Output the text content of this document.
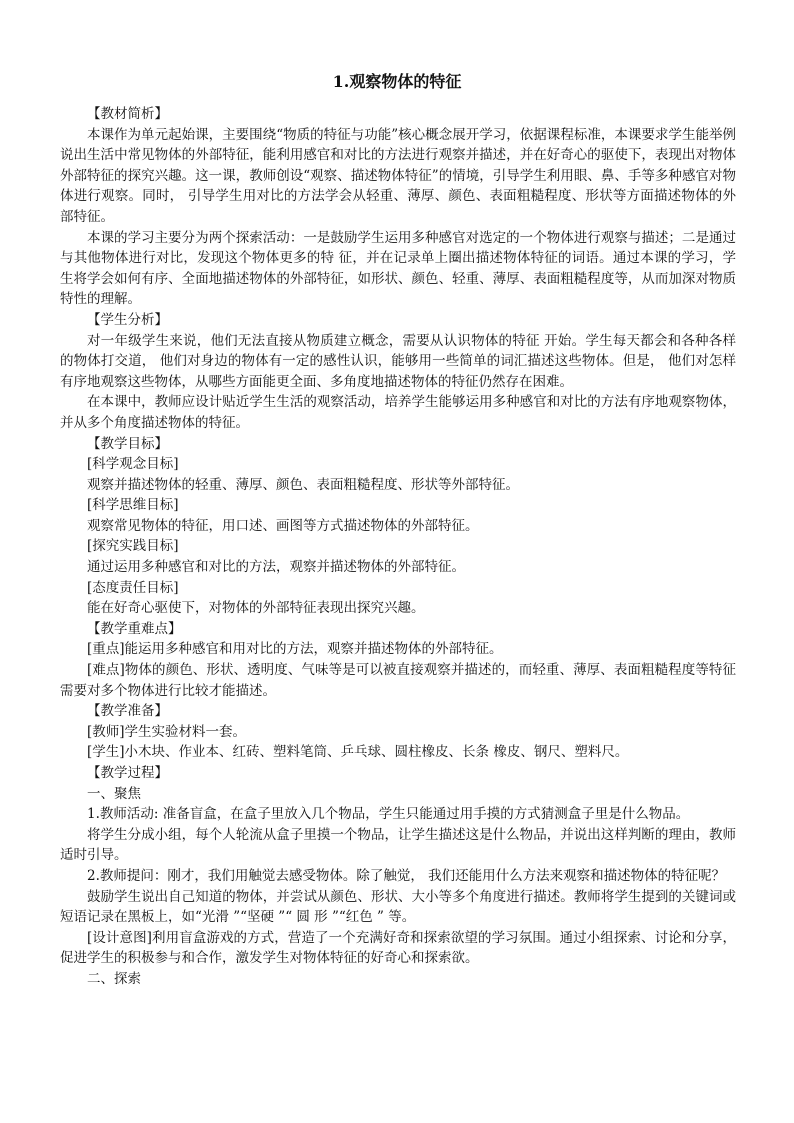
1.观察物体的特征

【教材简析】

本课作为单元起始课，主要围绕“物质的特征与功能”核心概念展开学习，依据课程标准，本课要求学生能举例说出生活中常见物体的外部特征，能利用感官和对比的方法进行观察并描述，并在好奇心的驱使下，表现出对物体外部特征的探究兴趣。这一课，教师创设“观察、描述物体特征”的情境，引导学生利用眼、鼻、手等多种感官对物体进行观察。同时， 引导学生用对比的方法学会从轻重、薄厚、颜色、表面粗糙程度、形状等方面描述物体的外部特征。

本课的学习主要分为两个探索活动：一是鼓励学生运用多种感官对选定的一个物体进行观察与描述；二是通过与其他物体进行对比，发现这个物体更多的特 征，并在记录单上圈出描述物体特征的词语。通过本课的学习，学生将学会如何有序、全面地描述物体的外部特征，如形状、颜色、轻重、薄厚、表面粗糙程度等，从而加深对物质特性的理解。

【学生分析】

对一年级学生来说，他们无法直接从物质建立概念，需要从认识物体的特征 开始。学生每天都会和各种各样的物体打交道， 他们对身边的物体有一定的感性认识，能够用一些简单的词汇描述这些物体。但是， 他们对怎样有序地观察这些物体，从哪些方面能更全面、多角度地描述物体的特征仍然存在困难。

在本课中，教师应设计贴近学生生活的观察活动，培养学生能够运用多种感官和对比的方法有序地观察物体，并从多个角度描述物体的特征。

【教学目标】

[科学观念目标]

观察并描述物体的轻重、薄厚、颜色、表面粗糙程度、形状等外部特征。

[科学思维目标]

观察常见物体的特征，用口述、画图等方式描述物体的外部特征。

[探究实践目标]

通过运用多种感官和对比的方法，观察并描述物体的外部特征。

[态度责任目标]

能在好奇心驱使下，对物体的外部特征表现出探究兴趣。

【教学重难点】

[重点]能运用多种感官和用对比的方法，观察并描述物体的外部特征。

[难点]物体的颜色、形状、透明度、气味等是可以被直接观察并描述的，而轻重、薄厚、表面粗糙程度等特征需要对多个物体进行比较才能描述。

【教学准备】

[教师]学生实验材料一套。

[学生]小木块、作业本、红砖、塑料笔筒、乒乓球、圆柱橡皮、长条 橡皮、钢尺、塑料尺。

【教学过程】

一、聚焦

1.教师活动: 准备盲盒，在盒子里放入几个物品，学生只能通过用手摸的方式猜测盒子里是什么物品。

将学生分成小组，每个人轮流从盒子里摸一个物品，让学生描述这是什么物品，并说出这样判断的理由，教师适时引导。

2.教师提问：刚才，我们用触觉去感受物体。除了触觉， 我们还能用什么方法来观察和描述物体的特征呢？

鼓励学生说出自己知道的物体，并尝试从颜色、形状、大小等多个角度进行描述。教师将学生提到的关键词或短语记录在黑板上，如“光滑 ”“坚硬 ”“ 圆 形 ”“红色 ” 等。

[设计意图]利用盲盒游戏的方式，营造了一个充满好奇和探索欲望的学习氛围。通过小组探索、讨论和分享， 促进学生的积极参与和合作，激发学生对物体特征的好奇心和探索欲。

二、探索
